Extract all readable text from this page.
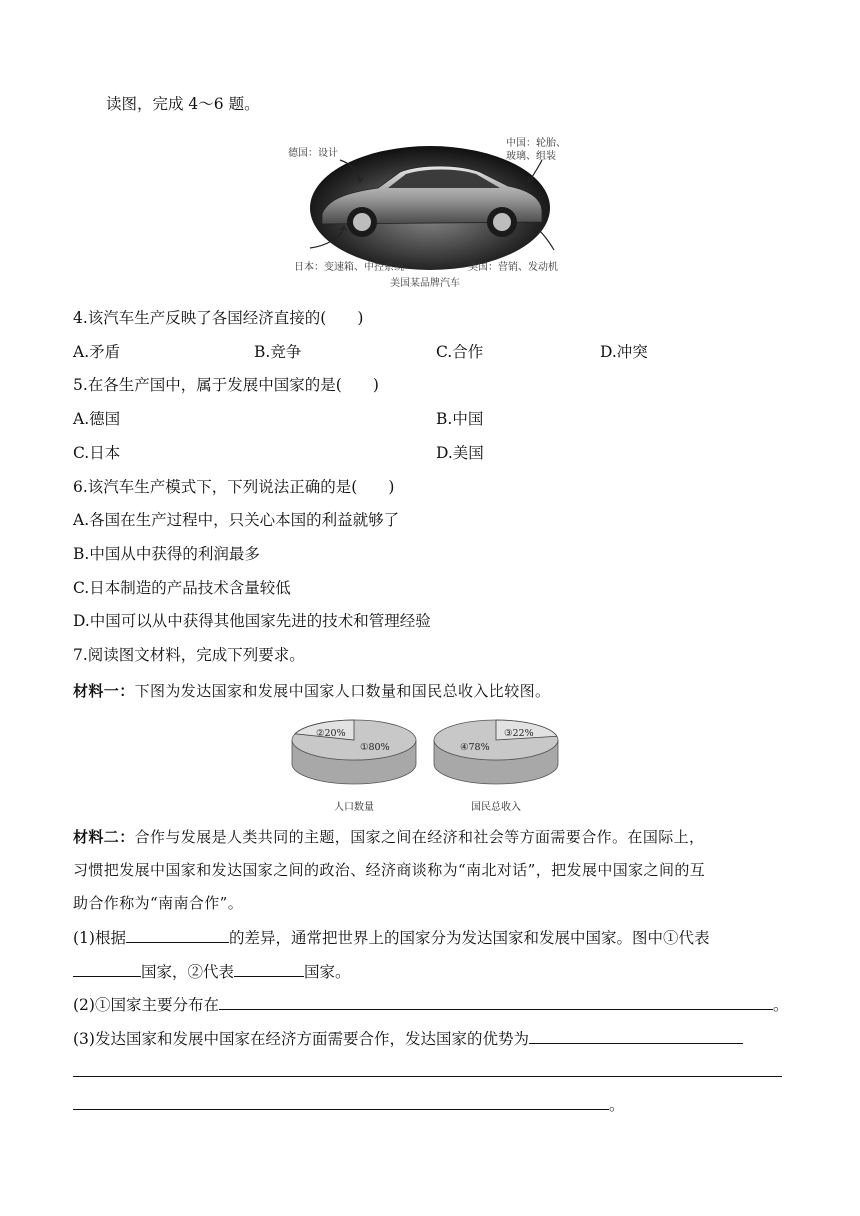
读图，完成 4～6 题。
德国：设计
中国：轮胎、
玻璃、组装
日本：变速箱、中控系统	美国：营销、发动机
美国某品牌汽车
4.该汽车生产反映了各国经济直接的(　　)
A.矛盾	B.竞争	C.合作	D.冲突
5.在各生产国中，属于发展中国家的是(　　)
A.德国	B.中国
C.日本	D.美国
6.该汽车生产模式下，下列说法正确的是(　　)
A.各国在生产过程中，只关心本国的利益就够了
B.中国从中获得的利润最多
C.日本制造的产品技术含量较低
D.中国可以从中获得其他国家先进的技术和管理经验
7.阅读图文材料，完成下列要求。
材料一：下图为发达国家和发展中国家人口数量和国民总收入比较图。
②20%
①80%
人口数量
③22%
④78%
国民总收入
材料二：合作与发展是人类共同的主题，国家之间在经济和社会等方面需要合作。在国际上，
习惯把发展中国家和发达国家之间的政治、经济商谈称为“南北对话”，把发展中国家之间的互
助合作称为“南南合作”。
(1)根据	的差异，通常把世界上的国家分为发达国家和发展中国家。图中①代表
国家，②代表	国家。
(2)①国家主要分布在	。
(3)发达国家和发展中国家在经济方面需要合作，发达国家的优势为
。
